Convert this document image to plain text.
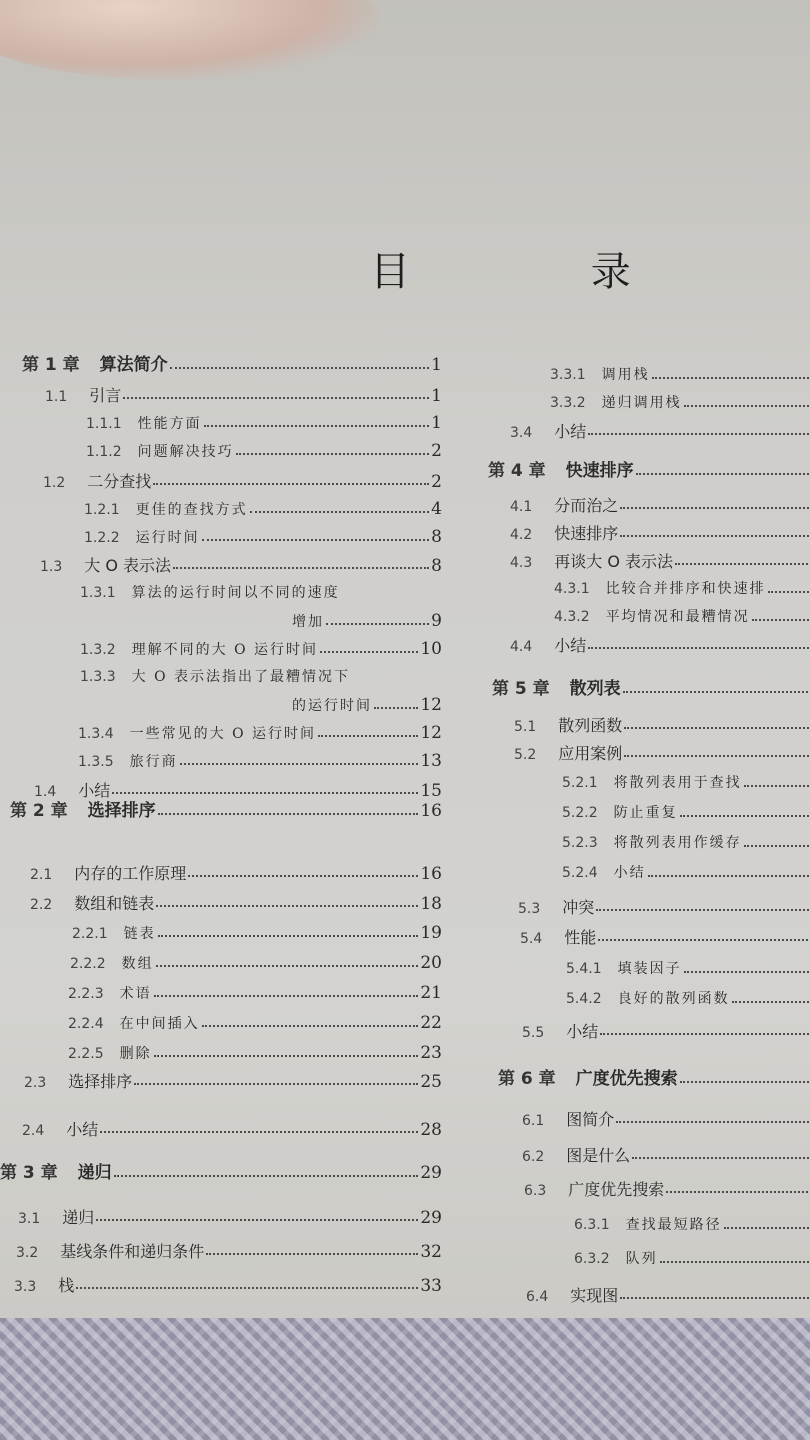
目 录
第 1 章 算法简介	1
1.1 引言	1
1.1.1 性能方面	1
1.1.2 问题解决技巧	2
1.2 二分查找	2
1.2.1 更佳的查找方式	4
1.2.2 运行时间	8
1.3 大 O 表示法	8
1.3.1 算法的运行时间以不同的速度
增加	9
1.3.2 理解不同的大 O 运行时间	10
1.3.3 大 O 表示法指出了最糟情况下
的运行时间	12
1.3.4 一些常见的大 O 运行时间	12
1.3.5 旅行商	13
1.4 小结	15
第 2 章 选择排序	16
2.1 内存的工作原理	16
2.2 数组和链表	18
2.2.1 链表	19
2.2.2 数组	20
2.2.3 术语	21
2.2.4 在中间插入	22
2.2.5 删除	23
2.3 选择排序	25
2.4 小结	28
第 3 章 递归	29
3.1 递归	29
3.2 基线条件和递归条件	32
3.3 栈	33
3.3.1 调用栈
3.3.2 递归调用栈
3.4 小结
第 4 章 快速排序
4.1 分而治之
4.2 快速排序
4.3 再谈大 O 表示法
4.3.1 比较合并排序和快速排
4.3.2 平均情况和最糟情况
4.4 小结
第 5 章 散列表
5.1 散列函数
5.2 应用案例
5.2.1 将散列表用于查找
5.2.2 防止重复
5.2.3 将散列表用作缓存
5.2.4 小结
5.3 冲突
5.4 性能
5.4.1 填装因子
5.4.2 良好的散列函数
5.5 小结
第 6 章 广度优先搜索
6.1 图简介
6.2 图是什么
6.3 广度优先搜索
6.3.1 查找最短路径
6.3.2 队列
6.4 实现图
